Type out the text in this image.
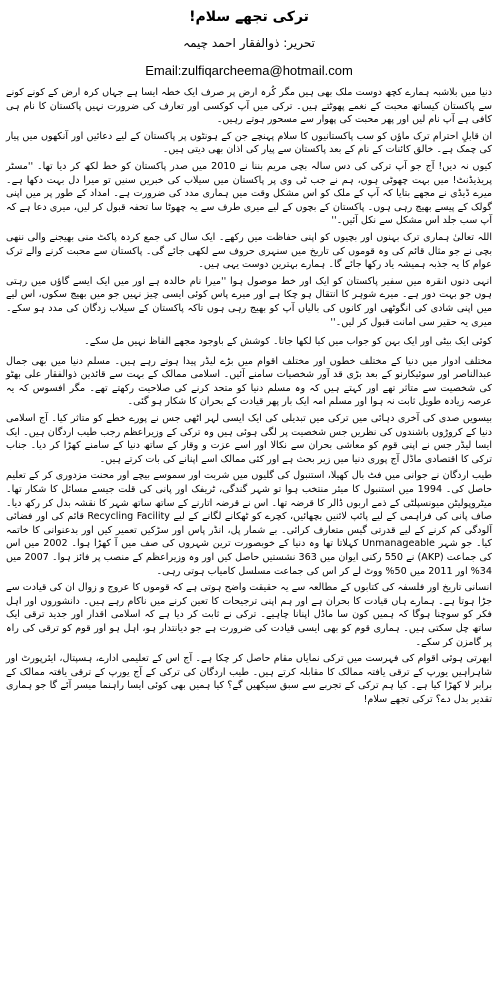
ترکی تجھے سلام!
تحریر: ذوالفقار احمد چیمہ
Email:zulfiqarcheema@hotmail.com

دنیا میں بلاشبہ ہمارے کچھ دوست ملک بھی ہیں مگر کُرہ ارض پر صرف ایک خطہ ایسا ہے جہاں کرہ ارض کے کونے کونے سے پاکستان کیساتھ محبت کے نغمے پھوٹتے ہیں۔ ترکی میں آپ کوکسی اور تعارف کی ضرورت نہیں پاکستان کا نام ہی کافی ہے آپ نام لیں اور پھر محبت کی پھوار سے مسحور ہوتے رہیں۔

ان قابلِ احترام ترک ماؤں کو سب پاکستانیوں کا سلام پہنچے جن کے ہونٹوں پر پاکستان کے لیے دعائیں اور آنکھوں میں پیار کی چمک ہے۔ خالق کائنات کے نام کے بعد پاکستان سے پیار کی اذان بھی دیتی ہیں۔

کیوں نہ دیں! آج جو آپ ترکی کی دس سالہ بچی مریم بننا نے 2010 میں صدر پاکستان کو خط لکھ کر دیا تھا۔ ''مسٹر پریذیڈنٹ! میں بہت چھوٹی ہوں، ہم نے جب ٹی وی پر پاکستان میں سیلاب کی خبریں سنیں تو میرا دل بہت دکھا ہے۔ میرے ڈیڈی نے مجھے بتایا کہ آپ کے ملک کو اس مشکل وقت میں ہماری مدد کی ضرورت ہے۔ امداد کے طور پر میں اپنی گولک کے پیسے بھیج رہی ہوں۔ پاکستان کے بچوں کے لیے میری طرف سے یہ چھوٹا سا تحفہ قبول کر لیں، میری دعا ہے کہ آپ سب جلد اس مشکل سے نکل آئیں۔''

اللہ تعالیٰ ہماری ترک بہنوں اور بچیوں کو اپنی حفاظت میں رکھے۔ ایک سال کی جمع کردہ پاکٹ منی بھیجنے والی ننھی بچی نے جو مثال قائم کی وہ قوموں کی تاریخ میں سنہری حروف سے لکھی جائے گی۔ پاکستان سے محبت کرنے والے ترک عوام کا یہ جذبہ ہمیشہ یاد رکھا جائے گا۔ ہمارے بہترین دوست یہی ہیں۔

انہی دنوں انقرہ میں سفیر پاکستان کو ایک اور خط موصول ہوا ''میرا نام خالدہ ہے اور میں ایک ایسے گاؤں میں رہتی ہوں جو بہت دور ہے۔ میرے شوہر کا انتقال ہو چکا ہے اور میرے پاس کوئی ایسی چیز نہیں جو میں بھیج سکوں، اس لیے میں اپنی شادی کی انگوٹھی اور کانوں کی بالیاں آپ کو بھیج رہی ہوں تاکہ پاکستان کے سیلاب زدگان کی مدد ہو سکے۔ میری یہ حقیر سی امانت قبول کر لیں۔''

کوئی ایک بیٹی اور ایک بہن کو جواب میں کیا لکھا جاتا۔ کوشش کے باوجود مجھے الفاظ نہیں مل سکے۔

مختلف ادوار میں دنیا کے مختلف خطوں اور مختلف اقوام میں بڑے لیڈر پیدا ہوتے رہے ہیں۔ مسلم دنیا میں بھی جمال عبدالناصر اور سوئیکارنو کے بعد بڑی قد آور شخصیات سامنے آئیں۔ اسلامی ممالک کے بہت سے قائدین ذوالفقار علی بھٹو کی شخصیت سے متاثر تھے اور کہتے ہیں کہ وہ مسلم دنیا کو متحد کرنے کی صلاحیت رکھتے تھے۔ مگر افسوس کہ یہ عرصہ زیادہ طویل ثابت نہ ہوا اور مسلم امہ ایک بار پھر قیادت کے بحران کا شکار ہو گئی۔

بیسویں صدی کی آخری دہائی میں ترکی میں تبدیلی کی ایک ایسی لہر اٹھی جس نے پورے خطے کو متاثر کیا۔ آج اسلامی دنیا کے کروڑوں باشندوں کی نظریں جس شخصیت پر لگی ہوئی ہیں وہ ترکی کے وزیراعظم رجب طیب اردگان ہیں۔ ایک ایسا لیڈر جس نے اپنی قوم کو معاشی بحران سے نکالا اور اسے عزت و وقار کے ساتھ دنیا کے سامنے کھڑا کر دیا۔ جناب ترکی کا اقتصادی ماڈل آج پوری دنیا میں زیر بحث ہے اور کئی ممالک اسے اپنانے کی بات کرتے ہیں۔

طیب اردگان نے جوانی میں فٹ بال کھیلا، استنبول کی گلیوں میں شربت اور سموسے بیچے اور محنت مزدوری کر کے تعلیم حاصل کی۔ 1994 میں استنبول کا میئر منتخب ہوا تو شہر گندگی، ٹریفک اور پانی کی قلت جیسے مسائل کا شکار تھا۔ میٹروپولیٹن میونسپلٹی کے ذمے اربوں ڈالر کا قرضہ تھا۔ اس نے قرضہ اتارنے کے ساتھ ساتھ شہر کا نقشہ بدل کر رکھ دیا۔ صاف پانی کی فراہمی کے لیے پائپ لائنیں بچھائیں، کچرے کو ٹھکانے لگانے کے لیے Recycling Facility قائم کی اور فضائی آلودگی کم کرنے کے لیے قدرتی گیس متعارف کرائی۔ بے شمار پل، انڈر پاس اور سڑکیں تعمیر کیں اور بدعنوانی کا خاتمہ کیا۔ جو شہر Unmanageable کہلاتا تھا وہ دنیا کے خوبصورت ترین شہروں کی صف میں آ کھڑا ہوا۔ 2002 میں اس کی جماعت (AKP) نے 550 رکنی ایوان میں 363 نشستیں حاصل کیں اور وہ وزیراعظم کے منصب پر فائز ہوا۔ 2007 میں 34% اور 2011 میں 50% ووٹ لے کر اس کی جماعت مسلسل کامیاب ہوتی رہی۔

انسانی تاریخ اور فلسفہ کی کتابوں کے مطالعہ سے یہ حقیقت واضح ہوتی ہے کہ قوموں کا عروج و زوال ان کی قیادت سے جڑا ہوتا ہے۔ ہمارے ہاں قیادت کا بحران ہے اور ہم اپنی ترجیحات کا تعین کرنے میں ناکام رہے ہیں۔ دانشوروں اور اہل فکر کو سوچنا ہوگا کہ ہمیں کون سا ماڈل اپنانا چاہیے۔ ترکی نے ثابت کر دیا ہے کہ اسلامی اقدار اور جدید ترقی ایک ساتھ چل سکتی ہیں۔ ہماری قوم کو بھی ایسی قیادت کی ضرورت ہے جو دیانتدار ہو، اہل ہو اور قوم کو ترقی کی راہ پر گامزن کر سکے۔

ابھرتی ہوئی اقوام کی فہرست میں ترکی نمایاں مقام حاصل کر چکا ہے۔ آج اس کے تعلیمی ادارے، ہسپتال، ایئرپورٹ اور شاہراہیں یورپ کے ترقی یافتہ ممالک کا مقابلہ کرتے ہیں۔ طیب اردگان کی ترکی کے آج یورپ کے ترقی یافتہ ممالک کے برابر لا کھڑا کیا ہے۔ کیا ہم ترکی کے تجربے سے سبق سیکھیں گے؟ کیا ہمیں بھی کوئی ایسا راہنما میسر آئے گا جو ہماری تقدیر بدل دے؟ ترکی تجھے سلام!
